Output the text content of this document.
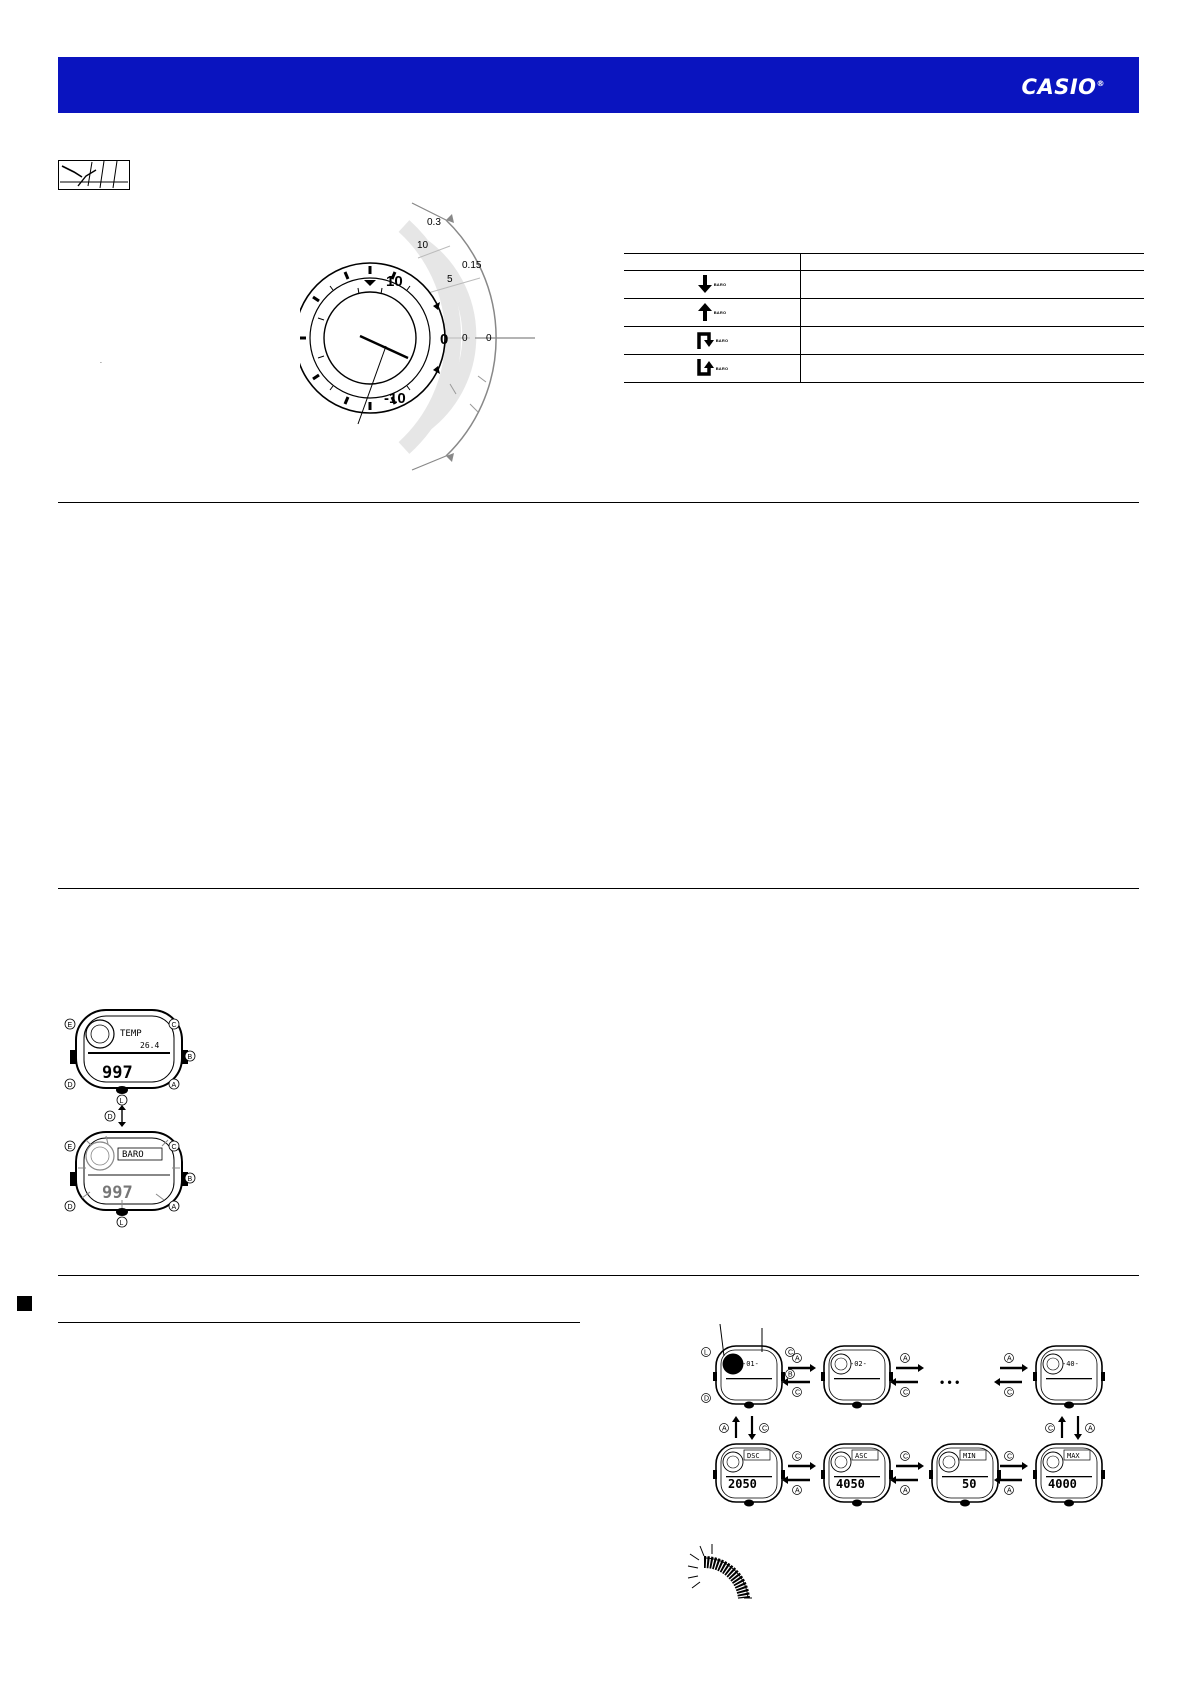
CASIO®
`
10
0
-10
10
5
0
0.3
0.15
0

BARO	
BARO	
BARO	
BARO	
TEMP
26.4
997
E	C
B
D	A
L
D
BARO
997
E	C
B
D	A
L
-01-	-02-
• • •
-40-
A
C
B
A
C
A
C
L
D
C
A	C	C	A
DSC
2050
ASC
4050
MIN
50
MAX
4000
C
A
C
A
C
A
